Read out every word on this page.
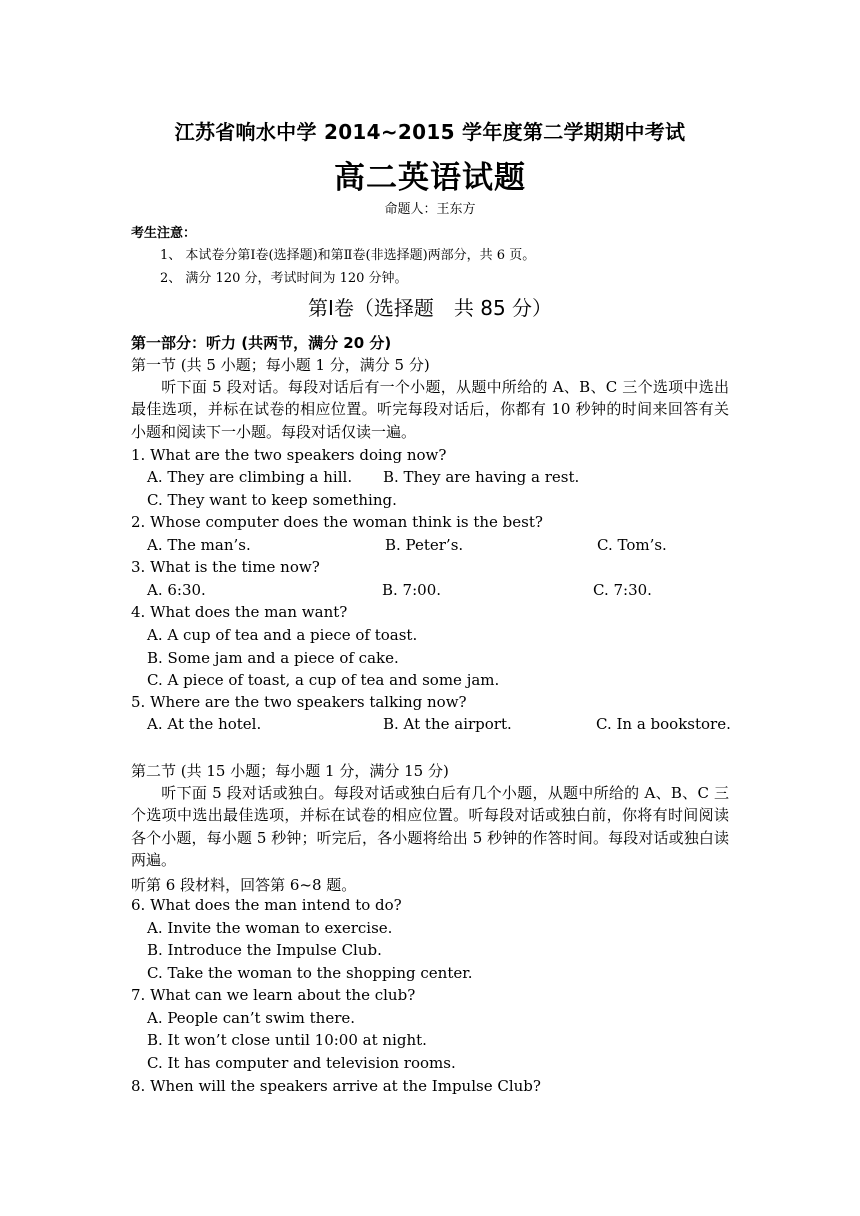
江苏省响水中学 2014~2015 学年度第二学期期中考试
高二英语试题
命题人：王东方
考生注意：
1、 本试卷分第Ⅰ卷(选择题)和第Ⅱ卷(非选择题)两部分，共 6 页。
2、 满分 120 分，考试时间为 120 分钟。
第Ⅰ卷（选择题　共 85 分）
第一部分：听力 (共两节，满分 20 分)
第一节 (共 5 小题；每小题 1 分，满分 5 分)
听下面 5 段对话。每段对话后有一个小题，从题中所给的 A、B、C 三个选项中选出最佳选项，并标在试卷的相应位置。听完每段对话后，你都有 10 秒钟的时间来回答有关小题和阅读下一小题。每段对话仅读一遍。
1. What are the two speakers doing now?
A. They are climbing a hill. B. They are having a rest.
C. They want to keep something.
2. Whose computer does the woman think is the best?
A. The man’s.	B. Peter’s.	C. Tom’s.
3. What is the time now?
A. 6:30.	B. 7:00.	C. 7:30.
4. What does the man want?
A. A cup of tea and a piece of toast.
B. Some jam and a piece of cake.
C. A piece of toast, a cup of tea and some jam.
5. Where are the two speakers talking now?
A. At the hotel.	B. At the airport.	C. In a bookstore.
第二节 (共 15 小题；每小题 1 分，满分 15 分)
听下面 5 段对话或独白。每段对话或独白后有几个小题，从题中所给的 A、B、C 三个选项中选出最佳选项，并标在试卷的相应位置。听每段对话或独白前，你将有时间阅读各个小题，每小题 5 秒钟；听完后，各小题将给出 5 秒钟的作答时间。每段对话或独白读两遍。
听第 6 段材料，回答第 6~8 题。
6. What does the man intend to do?
A. Invite the woman to exercise.
B. Introduce the Impulse Club.
C. Take the woman to the shopping center.
7. What can we learn about the club?
A. People can’t swim there.
B. It won’t close until 10:00 at night.
C. It has computer and television rooms.
8. When will the speakers arrive at the Impulse Club?
